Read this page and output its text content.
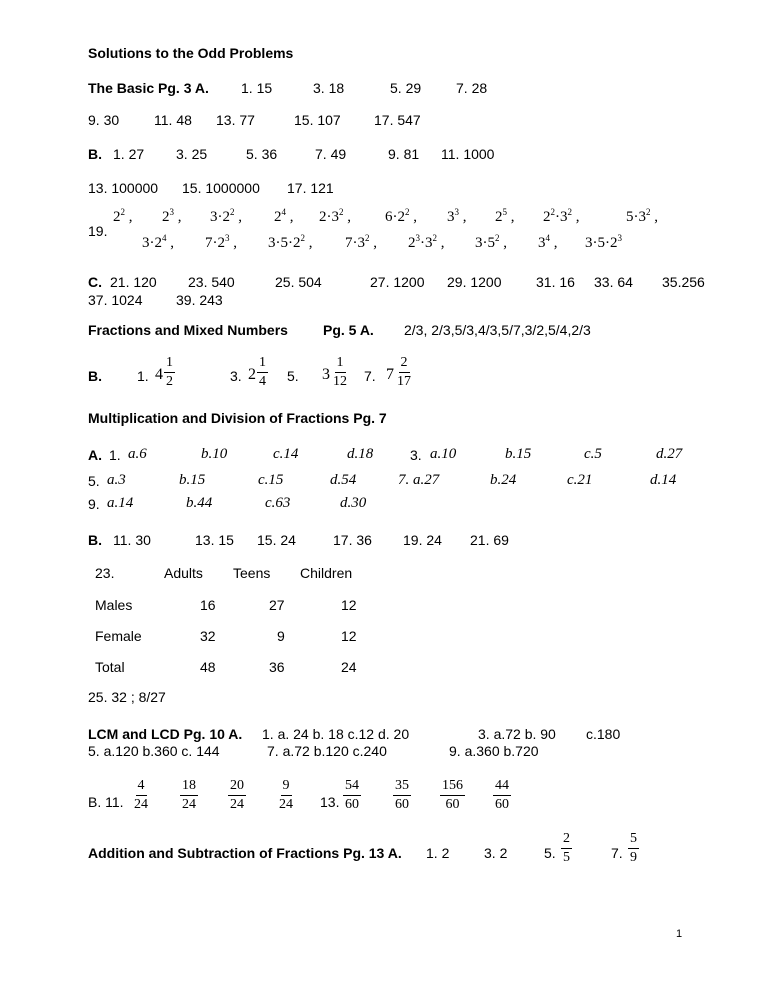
Solutions to the Odd Problems
The Basic Pg. 3 A. 1. 15	3. 18	5. 29 7. 28
9. 30 11. 48 13. 77	15. 107 17. 547
B. 1. 27 3. 25	5. 36	7. 49	9. 81 11. 1000
13. 100000 15. 1000000 17. 121
19.
$2^2$ , $2^3$ , $3\cdot 2^2$ , $2^4$ , $2\cdot 3^2$ , $6\cdot 2^2$ , $3^3$ , $2^5$ , $2^2\cdot 3^2$ ,	$5\cdot 3^2$ ,
$3\cdot 2^4$ , $7\cdot 2^3$ , $3\cdot 5\cdot 2^2$ , $7\cdot 3^2$ , $2^3\cdot 3^2$ , $3\cdot 5^2$ , $3^4$ , $3\cdot 5\cdot 2^3$
C. 21. 120 23. 540	25. 504	27. 1200 29. 1200 31. 16 33. 64 35.256
37. 1024 39. 243
Fractions and Mixed Numbers	Pg. 5 A. 2/3, 2/3,5/3,4/3,5/7,3/2,5/4,2/3
B.	1. $4 \frac{1}{2}$	3. $2 \frac{1}{4} 5$. $3 \frac{1}{12} 7$. $7 \frac{2}{17}$
Multiplication and Division of Fractions Pg. 7
A. 1. a.6	b.10	c.14	d.18	3. a.10	b.15	c.5	d.27
5. a.3	b.15	c.15	d.54	7. a.27	b.24	c.21	d.14
9. a.14	b.44	c.63	d.30
B. 11. 30	13. 15 15. 24	17. 36 19. 24 21. 69
23.	Adults Teens Children
Males	16	27	12
Female	32	9	12
Total	48	36	24
25. 32 ; 8/27
LCM and LCD Pg. 10 A. 1. a. 24 b. 18 c.12 d. 20	3. a.72 b. 90 c.180
5. a.120 b.360 c. 144	7. a.72 b.120 c.240	9. a.360 b.720
B. 11. $\frac{4}{24} \frac{18}{24} \frac{20}{24} \frac{9}{24} 13$. $\frac{54}{60} \frac{35}{60} \frac{156}{60} \frac{44}{60}$
Addition and Subtraction of Fractions Pg. 13 A. 1. 2 3. 2	5. $\frac{2}{5}$	7. $\frac{5}{9}$
1
